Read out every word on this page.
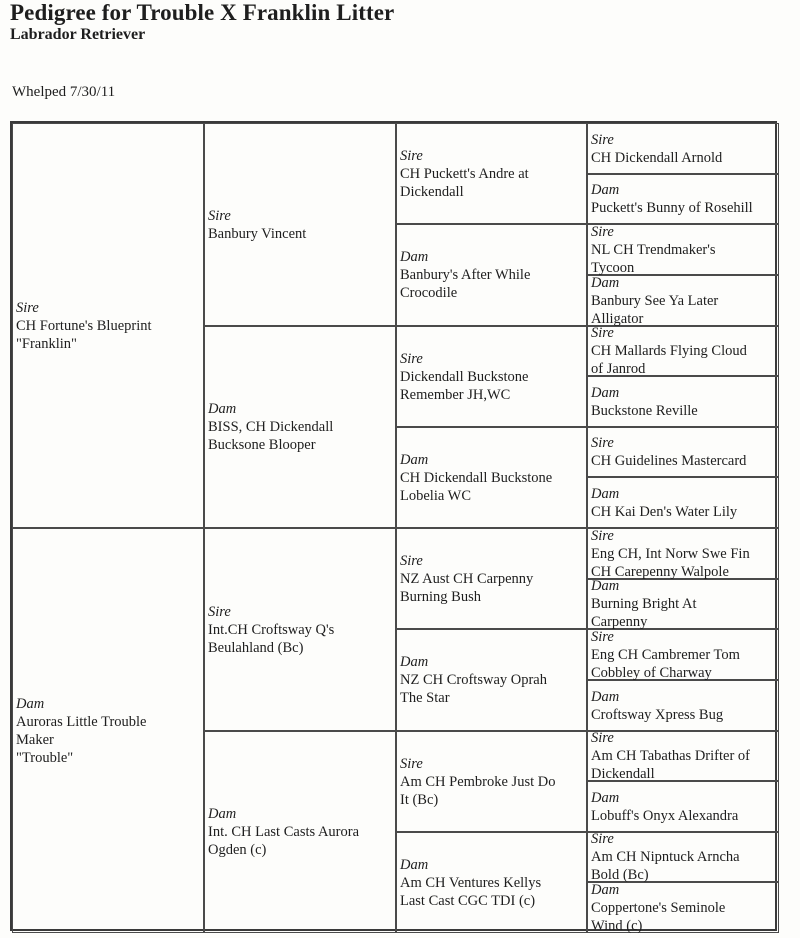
Pedigree for Trouble X Franklin Litter
Labrador Retriever
Whelped 7/30/11
Sire
CH Fortune's Blueprint
"Franklin"
Dam
Auroras Little Trouble
Maker
"Trouble"
Sire
Banbury Vincent
Dam
BISS, CH Dickendall
Bucksone Blooper
Sire
Int.CH Croftsway Q's
Beulahland (Bc)
Dam
Int. CH Last Casts Aurora
Ogden (c)
Sire
CH Puckett's Andre at
Dickendall
Dam
Banbury's After While
Crocodile
Sire
Dickendall Buckstone
Remember JH,WC
Dam
CH Dickendall Buckstone
Lobelia WC
Sire
NZ Aust CH Carpenny
Burning Bush
Dam
NZ CH Croftsway Oprah
The Star
Sire
Am CH Pembroke Just Do
It (Bc)
Dam
Am CH Ventures Kellys
Last Cast CGC TDI (c)
Sire
CH Dickendall Arnold
Dam
Puckett's Bunny of Rosehill
Sire
NL CH Trendmaker's
Tycoon
Dam
Banbury See Ya Later
Alligator
Sire
CH Mallards Flying Cloud
of Janrod
Dam
Buckstone Reville
Sire
CH Guidelines Mastercard
Dam
CH Kai Den's Water Lily
Sire
Eng CH, Int Norw Swe Fin
CH Carepenny Walpole
Dam
Burning Bright At
Carpenny
Sire
Eng CH Cambremer Tom
Cobbley of Charway
Dam
Croftsway Xpress Bug
Sire
Am CH Tabathas Drifter of
Dickendall
Dam
Lobuff's Onyx Alexandra
Sire
Am CH Nipntuck Arncha
Bold (Bc)
Dam
Coppertone's Seminole
Wind (c)
